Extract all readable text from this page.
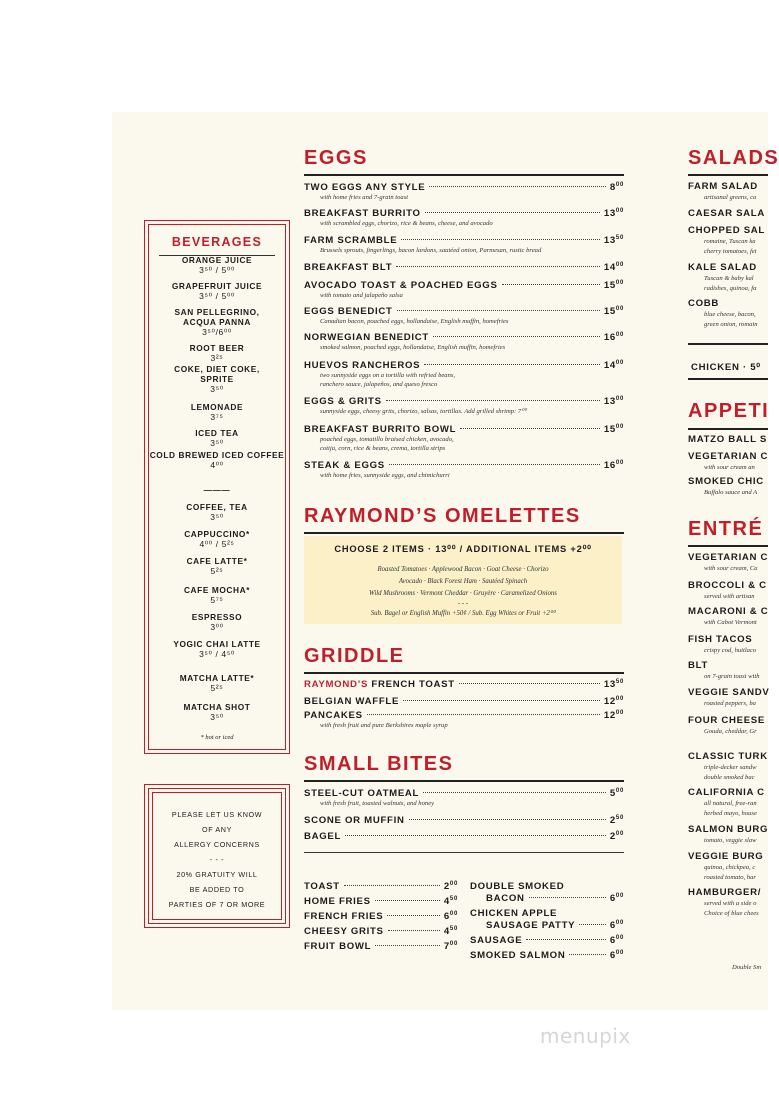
BEVERAGES
ORANGE JUICE
3⁵⁰ / 5⁰⁰
GRAPEFRUIT JUICE
3⁵⁰ / 5⁰⁰
SAN PELLEGRINO, ACQUA PANNA
3⁵⁰/6⁰⁰
ROOT BEER
3²⁵
COKE, DIET COKE, SPRITE
3⁵⁰
LEMONADE
3⁷⁵
ICED TEA
3⁵⁰
COLD BREWED ICED COFFEE
4⁰⁰
———
COFFEE, TEA
3⁵⁰
CAPPUCCINO*
4⁰⁰ / 5²⁵
CAFE LATTE*
5²⁵
CAFE MOCHA*
5⁷⁵
ESPRESSO
3⁰⁰
YOGIC CHAI LATTE
3⁵⁰ / 4⁵⁰
MATCHA LATTE*
5²⁵
MATCHA SHOT
3⁵⁰
* hot or iced
PLEASE LET US KNOW
OF ANY
ALLERGY CONCERNS
- - -
20% GRATUITY WILL
BE ADDED TO
PARTIES OF 7 OR MORE
EGGS
TWO EGGS ANY STYLE	$8^{00}$
with home fries and 7-grain toast
BREAKFAST BURRITO	$13^{00}$
with scrambled eggs, chorizo, rice & beans, cheese, and avocado
FARM SCRAMBLE	$13^{50}$
Brussels sprouts, fingerlings, bacon lardons, sautéed onion, Parmesan, rustic bread
BREAKFAST BLT	$14^{00}$
AVOCADO TOAST & POACHED EGGS	$15^{00}$
with tomato and jalapeño salsa
EGGS BENEDICT	$15^{00}$
Canadian bacon, poached eggs, hollandaise, English muffin, homefries
NORWEGIAN BENEDICT	$16^{00}$
smoked salmon, poached eggs, hollandaise, English muffin, homefries
HUEVOS RANCHEROS	$14^{00}$
two sunnyside eggs on a tortilla with refried beans,
ranchero sauce, jalapeños, and queso fresco
EGGS & GRITS	$13^{00}$
sunnyside eggs, cheesy grits, chorizo, salsas, tortillas. Add grilled shrimp: 7⁰⁰
BREAKFAST BURRITO BOWL	$15^{00}$
poached eggs, tomatillo braised chicken, avocado,
cotija, corn, rice & beans, crema, tortilla strips
STEAK & EGGS	$16^{00}$
with home fries, sunnyside eggs, and chimichurri
RAYMOND’S OMELETTES
CHOOSE 2 ITEMS · 13⁰⁰ / ADDITIONAL ITEMS +2⁰⁰
Roasted Tomatoes · Applewood Bacon · Goat Cheese · Chorizo
Avocado · Black Forest Ham · Sautéed Spinach
Wild Mushrooms · Vermont Cheddar · Gruyère · Caramelized Onions
- - -
Sub. Bagel or English Muffin +50¢ / Sub. Egg Whites or Fruit +2⁰⁰
GRIDDLE
RAYMOND’S FRENCH TOAST	$13^{50}$
BELGIAN WAFFLE	$12^{00}$
PANCAKES	$12^{00}$
with fresh fruit and pure Berkshires maple syrup
SMALL BITES
STEEL-CUT OATMEAL	$5^{00}$
with fresh fruit, toasted walnuts, and honey
SCONE OR MUFFIN	$2^{50}$
BAGEL	$2^{00}$
TOAST	$2^{00}$
HOME FRIES	$4^{50}$
FRENCH FRIES	$6^{00}$
CHEESY GRITS	$4^{50}$
FRUIT BOWL	$7^{00}$
DOUBLE SMOKED
BACON	$6^{00}$
CHICKEN APPLE
SAUSAGE PATTY	$6^{00}$
SAUSAGE	$6^{00}$
SMOKED SALMON	$6^{00}$
SALADS
FARM SALAD
artisanal greens, ca
CAESAR SALA
CHOPPED SAL
romaine, Tuscan ka
cherry tomatoes, fet
KALE SALAD
Tuscan & baby kal
radishes, quinoa, fa
COBB
blue cheese, bacon,
green onion, romain
CHICKEN · 5⁰
APPETI
MATZO BALL S
VEGETARIAN C
with sour cream an
SMOKED CHIC
Buffalo sauce and A
ENTRÉ
VEGETARIAN C
with sour cream, Ca
BROCCOLI & C
served with artisan
MACARONI & C
with Cabot Vermont
FISH TACOS
crispy cod, huitlaco
BLT
on 7-grain toast with
VEGGIE SANDV
roasted peppers, ba
FOUR CHEESE
Gouda, cheddar, Gr
CLASSIC TURK
triple-decker sandw
double smoked bac
CALIFORNIA C
all natural, free-ran
herbed mayo, house
SALMON BURG
tomato, veggie slaw
VEGGIE BURG
quinoa, chickpea, c
roasted tomato, har
HAMBURGER/
served with a side o
Choice of blue chees
Double Sm
menupix
